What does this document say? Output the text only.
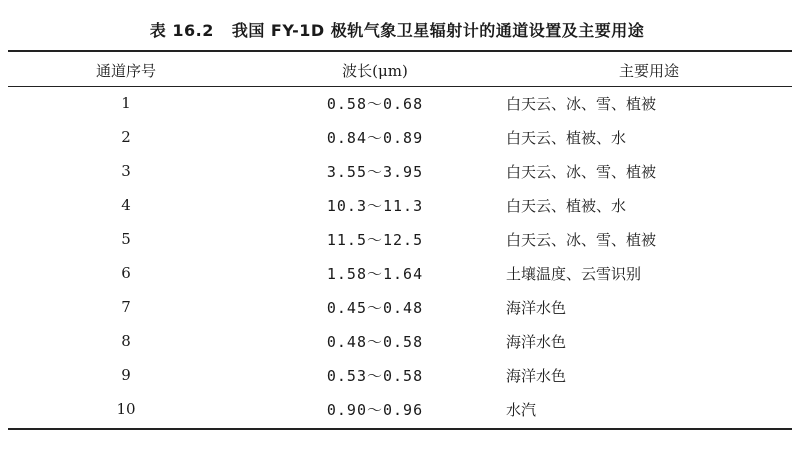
表 16.2 我国 FY-1D 极轨气象卫星辐射计的通道设置及主要用途
通道序号	波长(μm)	主要用途
1	0.58～0.68	白天云、冰、雪、植被
2	0.84～0.89	白天云、植被、水
3	3.55～3.95	白天云、冰、雪、植被
4	10.3～11.3	白天云、植被、水
5	11.5～12.5	白天云、冰、雪、植被
6	1.58～1.64	土壤温度、云雪识别
7	0.45～0.48	海洋水色
8	0.48～0.58	海洋水色
9	0.53～0.58	海洋水色
10	0.90～0.96	水汽
